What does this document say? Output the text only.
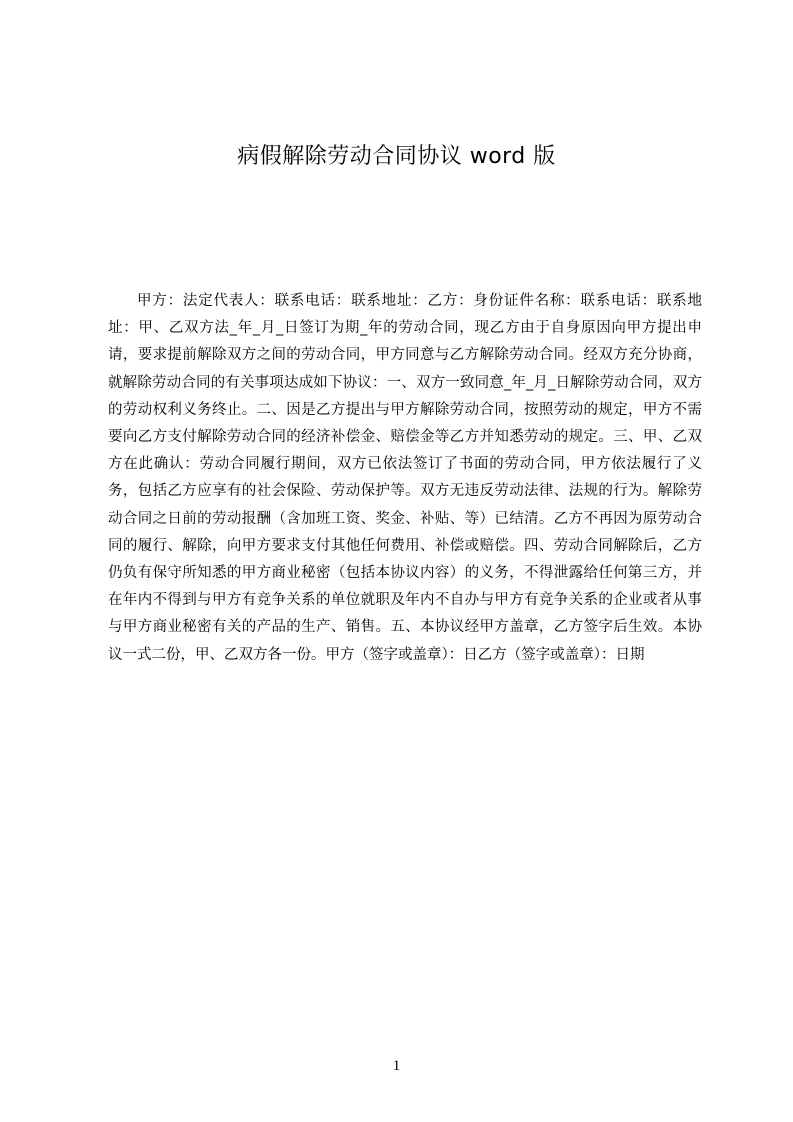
病假解除劳动合同协议 word 版
甲方：法定代表人：联系电话：联系地址：乙方：身份证件名称：联系电话：联系地址：甲、乙双方法_年_月_日签订为期_年的劳动合同，现乙方由于自身原因向甲方提出申请，要求提前解除双方之间的劳动合同，甲方同意与乙方解除劳动合同。经双方充分协商，就解除劳动合同的有关事项达成如下协议：一、双方一致同意_年_月_日解除劳动合同，双方的劳动权利义务终止。二、因是乙方提出与甲方解除劳动合同，按照劳动的规定，甲方不需要向乙方支付解除劳动合同的经济补偿金、赔偿金等乙方并知悉劳动的规定。三、甲、乙双方在此确认：劳动合同履行期间，双方已依法签订了书面的劳动合同，甲方依法履行了义务，包括乙方应享有的社会保险、劳动保护等。双方无违反劳动法律、法规的行为。解除劳动合同之日前的劳动报酬（含加班工资、奖金、补贴、等）已结清。乙方不再因为原劳动合同的履行、解除，向甲方要求支付其他任何费用、补偿或赔偿。四、劳动合同解除后，乙方仍负有保守所知悉的甲方商业秘密（包括本协议内容）的义务，不得泄露给任何第三方，并在年内不得到与甲方有竞争关系的单位就职及年内不自办与甲方有竞争关系的企业或者从事与甲方商业秘密有关的产品的生产、销售。五、本协议经甲方盖章，乙方签字后生效。本协议一式二份，甲、乙双方各一份。甲方（签字或盖章）：日乙方（签字或盖章）：日期
1
